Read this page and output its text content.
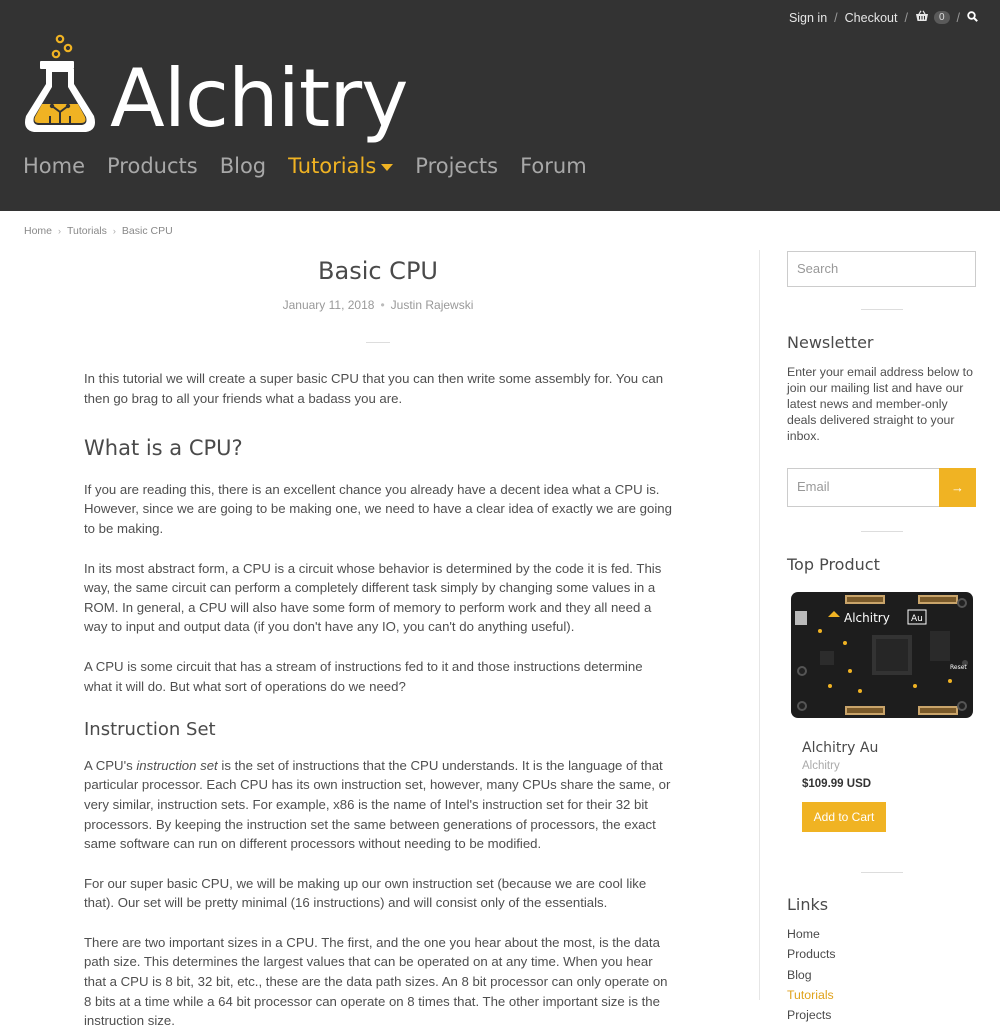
Sign in / Checkout /	0 /
Alchitry
Home Products Blog Tutorials Projects Forum
Home › Tutorials › Basic CPU
Basic CPU
January 11, 2018 • Justin Rajewski

In this tutorial we will create a super basic CPU that you can then write some assembly for. You can then go brag to all your friends what a badass you are.

What is a CPU?

If you are reading this, there is an excellent chance you already have a decent idea what a CPU is. However, since we are going to be making one, we need to have a clear idea of exactly we are going to be making.

In its most abstract form, a CPU is a circuit whose behavior is determined by the code it is fed. This way, the same circuit can perform a completely different task simply by changing some values in a ROM. In general, a CPU will also have some form of memory to perform work and they all need a way to input and output data (if you don't have any IO, you can't do anything useful).

A CPU is some circuit that has a stream of instructions fed to it and those instructions determine what it will do. But what sort of operations do we need?

Instruction Set

A CPU's instruction set is the set of instructions that the CPU understands. It is the language of that particular processor. Each CPU has its own instruction set, however, many CPUs share the same, or very similar, instruction sets. For example, x86 is the name of Intel's instruction set for their 32 bit processors. By keeping the instruction set the same between generations of processors, the exact same software can run on different processors without needing to be modified.

For our super basic CPU, we will be making up our own instruction set (because we are cool like that). Our set will be pretty minimal (16 instructions) and will consist only of the essentials.

There are two important sizes in a CPU. The first, and the one you hear about the most, is the data path size. This determines the largest values that can be operated on at any time. When you hear that a CPU is 8 bit, 32 bit, etc., these are the data path sizes. An 8 bit processor can only operate on 8 bits at a time while a 64 bit processor can operate on 8 times that. The other important size is the instruction size.

Search
Newsletter

Enter your email address below to join our mailing list and have our latest news and member-only deals delivered straight to your inbox.

Email	→
Top Product
Alchitry Au
Reset
Alchitry Au
Alchitry
$109.99 USD
Add to Cart
Links
Home
Products
Blog
Tutorials
Projects
